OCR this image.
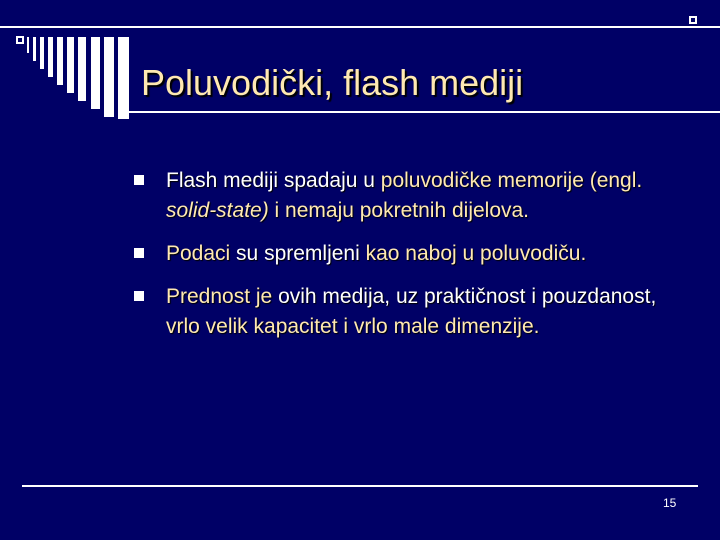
Poluvodički, flash mediji
Flash mediji spadaju u poluvodičke memorije (engl. solid-state) i nemaju pokretnih dijelova.
Podaci su spremljeni kao naboj u poluvodiču.
Prednost je ovih medija, uz praktičnost i pouzdanost, vrlo velik kapacitet i vrlo male dimenzije.
15
